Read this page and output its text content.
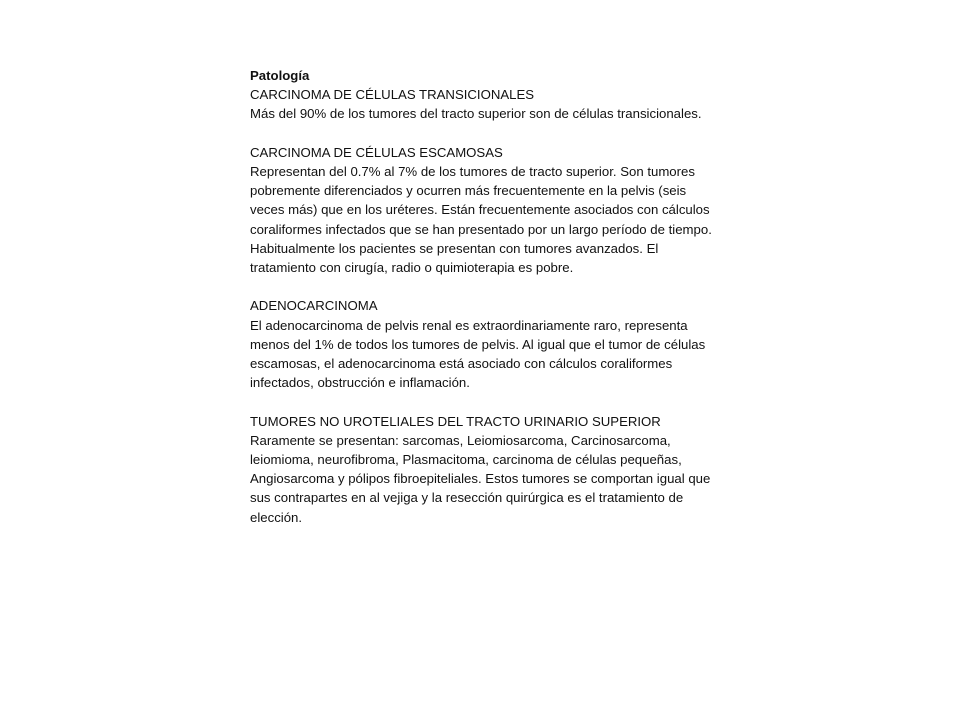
Patología

CARCINOMA DE CÉLULAS TRANSICIONALES

Más del 90% de los tumores del tracto superior son de células transicionales.

CARCINOMA DE CÉLULAS ESCAMOSAS

Representan del 0.7% al 7% de los tumores de tracto superior. Son tumores pobremente diferenciados y ocurren más frecuentemente en la pelvis (seis veces más) que en los uréteres. Están frecuentemente asociados con cálculos coraliformes infectados que se han presentado por un largo período de tiempo. Habitualmente los pacientes se presentan con tumores avanzados. El tratamiento con cirugía, radio o quimioterapia es pobre.

ADENOCARCINOMA

El adenocarcinoma de pelvis renal es extraordinariamente raro, representa menos del 1% de todos los tumores de pelvis. Al igual que el tumor de células escamosas, el adenocarcinoma está asociado con cálculos coraliformes infectados, obstrucción e inflamación.

TUMORES NO UROTELIALES DEL TRACTO URINARIO SUPERIOR

Raramente se presentan: sarcomas, Leiomiosarcoma, Carcinosarcoma, leiomioma, neurofibroma, Plasmacitoma, carcinoma de células pequeñas, Angiosarcoma y pólipos fibroepiteliales. Estos tumores se comportan igual que sus contrapartes en al vejiga y la resección quirúrgica es el tratamiento de elección.
